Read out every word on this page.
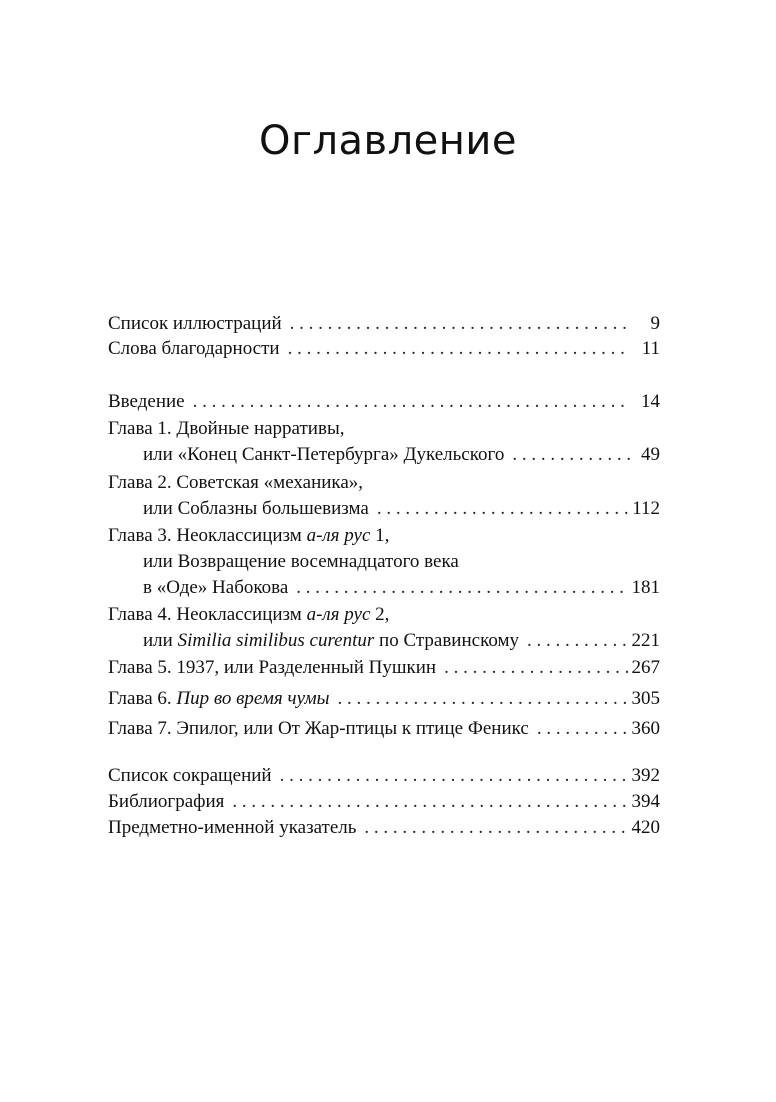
Оглавление
Список иллюстраций . . .	9
Слова благодарности . . .	11
Введение . . .	14
Глава 1. Двойные нарративы,
или «Конец Санкт-Петербурга» Дукельского . . .	49
Глава 2. Советская «механика»,
или Соблазны большевизма . . .	112
Глава 3. Неоклассицизм а-ля рус 1,
или Возвращение восемнадцатого века
в «Оде» Набокова . . .	181
Глава 4. Неоклассицизм а-ля рус 2,
или Similia similibus curentur по Стравинскому . . .	221
Глава 5. 1937, или Разделенный Пушкин . . .	267
Глава 6. Пир во время чумы . . .	305
Глава 7. Эпилог, или От Жар-птицы к птице Феникс . . .	360
Список сокращений . . .	392
Библиография . . .	394
Предметно-именной указатель . . .	420
